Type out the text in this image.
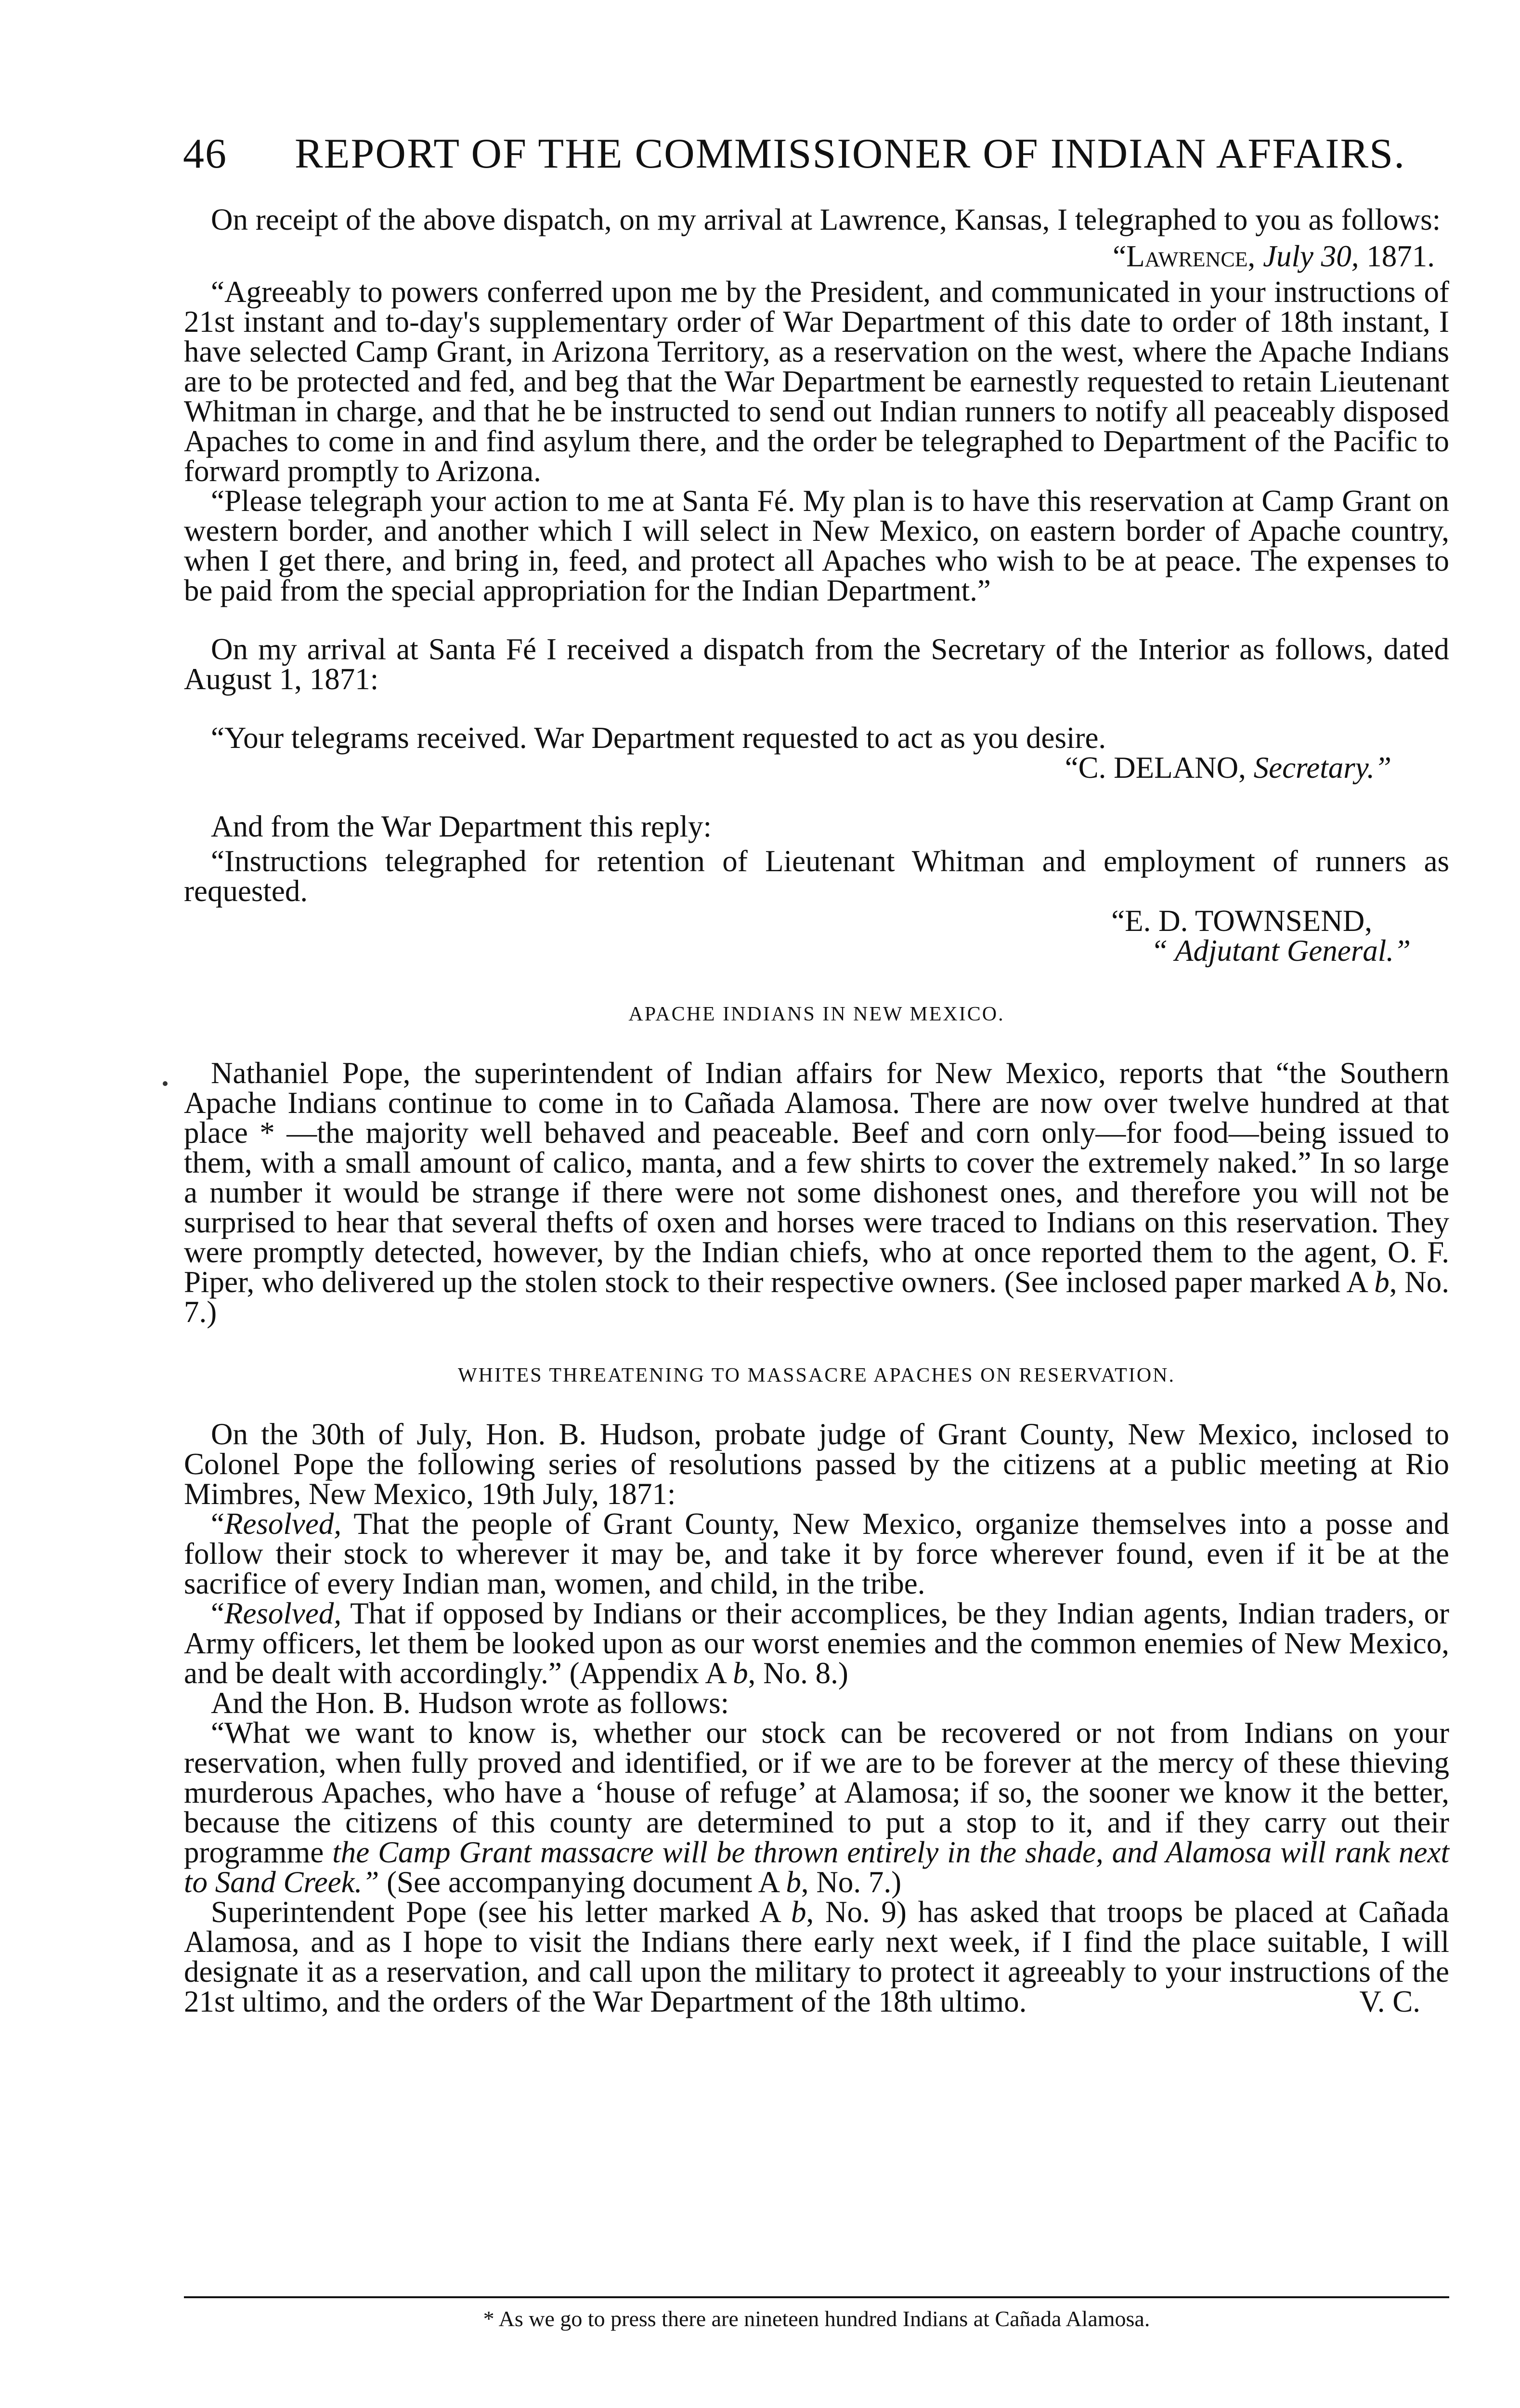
46 REPORT OF THE COMMISSIONER OF INDIAN AFFAIRS.

On receipt of the above dispatch, on my arrival at Lawrence, Kansas, I telegraphed to you as follows:

“Lawrence, July 30, 1871.

“Agreeably to powers conferred upon me by the President, and communicated in your instructions of 21st instant and to-day's supplementary order of War Department of this date to order of 18th instant, I have selected Camp Grant, in Arizona Territory, as a reservation on the west, where the Apache Indians are to be protected and fed, and beg that the War Department be earnestly requested to retain Lieutenant Whitman in charge, and that he be instructed to send out Indian runners to notify all peaceably disposed Apaches to come in and find asylum there, and the order be telegraphed to Department of the Pacific to forward promptly to Arizona.

“Please telegraph your action to me at Santa Fé. My plan is to have this reservation at Camp Grant on western border, and another which I will select in New Mexico, on eastern border of Apache country, when I get there, and bring in, feed, and protect all Apaches who wish to be at peace. The expenses to be paid from the special appropriation for the Indian Department.”

On my arrival at Santa Fé I received a dispatch from the Secretary of the Interior as follows, dated August 1, 1871:

“Your telegrams received. War Department requested to act as you desire.

“C. DELANO, Secretary.”

And from the War Department this reply:

“Instructions telegraphed for retention of Lieutenant Whitman and employment of runners as requested.

“E. D. TOWNSEND,

“ Adjutant General.”

APACHE INDIANS IN NEW MEXICO.

Nathaniel Pope, the superintendent of Indian affairs for New Mexico, reports that “the Southern Apache Indians continue to come in to Cañada Alamosa. There are now over twelve hundred at that place * —the majority well behaved and peaceable. Beef and corn only—for food—being issued to them, with a small amount of calico, manta, and a few shirts to cover the extremely naked.” In so large a number it would be strange if there were not some dishonest ones, and therefore you will not be surprised to hear that several thefts of oxen and horses were traced to Indians on this reservation. They were promptly detected, however, by the Indian chiefs, who at once reported them to the agent, O. F. Piper, who delivered up the stolen stock to their respective owners. (See inclosed paper marked A b, No. 7.)

WHITES THREATENING TO MASSACRE APACHES ON RESERVATION.

On the 30th of July, Hon. B. Hudson, probate judge of Grant County, New Mexico, inclosed to Colonel Pope the following series of resolutions passed by the citizens at a public meeting at Rio Mimbres, New Mexico, 19th July, 1871:

“Resolved, That the people of Grant County, New Mexico, organize themselves into a posse and follow their stock to wherever it may be, and take it by force wherever found, even if it be at the sacrifice of every Indian man, women, and child, in the tribe.

“Resolved, That if opposed by Indians or their accomplices, be they Indian agents, Indian traders, or Army officers, let them be looked upon as our worst enemies and the common enemies of New Mexico, and be dealt with accordingly.” (Appendix A b, No. 8.)

And the Hon. B. Hudson wrote as follows:

“What we want to know is, whether our stock can be recovered or not from Indians on your reservation, when fully proved and identified, or if we are to be forever at the mercy of these thieving murderous Apaches, who have a ‘house of refuge’ at Alamosa; if so, the sooner we know it the better, because the citizens of this county are determined to put a stop to it, and if they carry out their programme the Camp Grant massacre will be thrown entirely in the shade, and Alamosa will rank next to Sand Creek.” (See accompanying document A b, No. 7.)

Superintendent Pope (see his letter marked A b, No. 9) has asked that troops be placed at Cañada Alamosa, and as I hope to visit the Indians there early next week, if I find the place suitable, I will designate it as a reservation, and call upon the military to protect it agreeably to your instructions of the 21st ultimo, and the orders of the War Department of the 18th ultimo.	V. C.

* As we go to press there are nineteen hundred Indians at Cañada Alamosa.
